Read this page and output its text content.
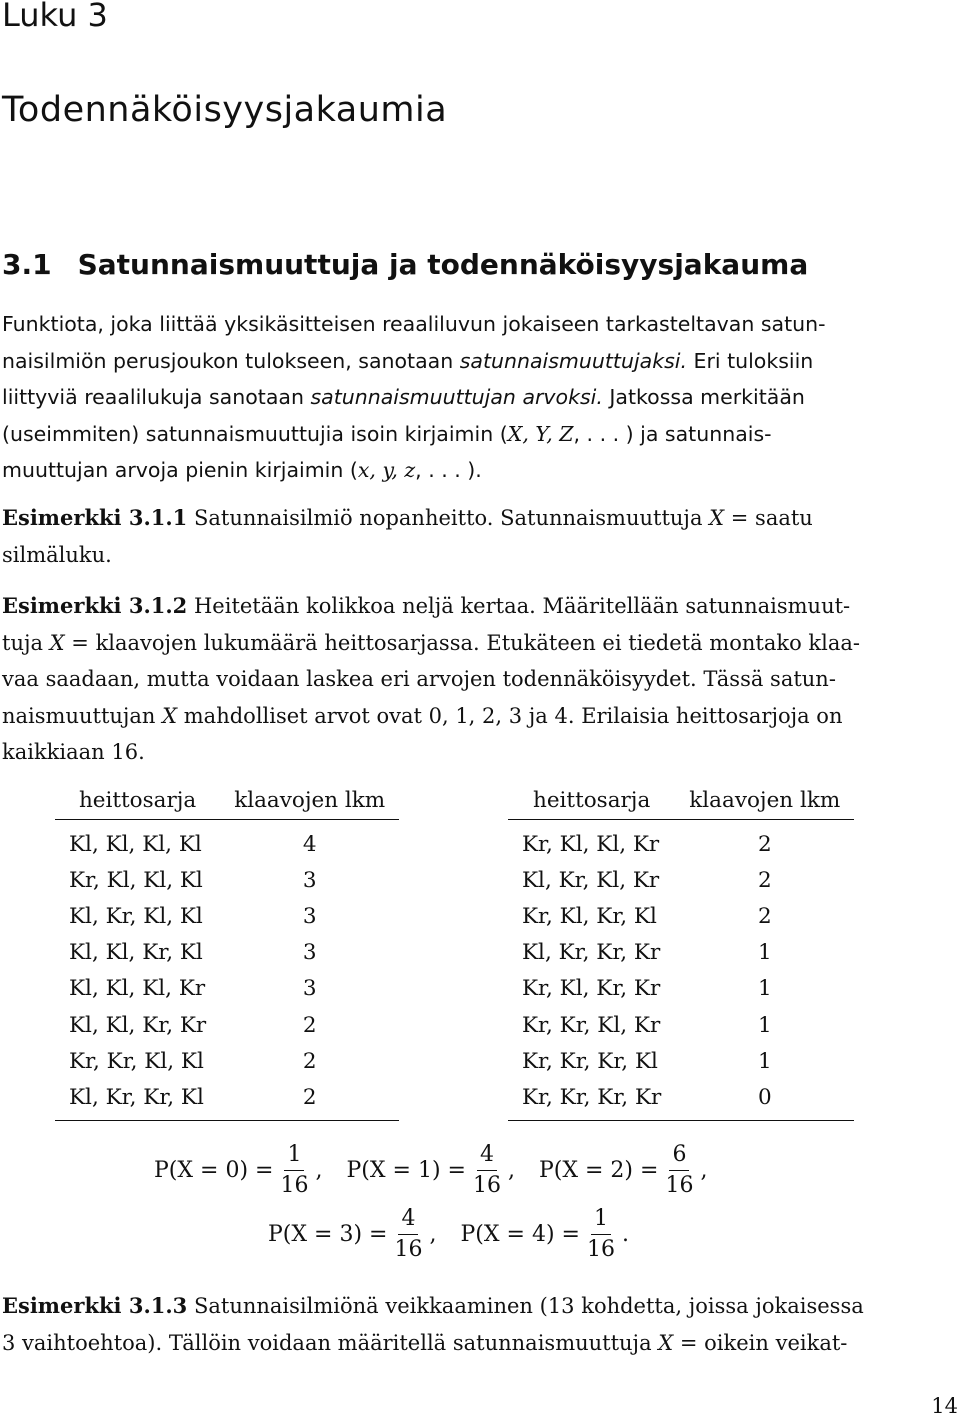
Luku 3
Todennäköisyysjakaumia
3.1 Satunnaismuuttuja ja todennäköisyysjakauma
Funktiota, joka liittää yksikäsitteisen reaaliluvun jokaiseen tarkasteltavan satun-
naisilmiön perusjoukon tulokseen, sanotaan satunnaismuuttujaksi. Eri tuloksiin
liittyviä reaalilukuja sanotaan satunnaismuuttujan arvoksi. Jatkossa merkitään
(useimmiten) satunnaismuuttujia isoin kirjaimin (X, Y, Z, . . . ) ja satunnais-
muuttujan arvoja pienin kirjaimin (x, y, z, . . . ).
Esimerkki 3.1.1 Satunnaisilmiö nopanheitto. Satunnaismuuttuja X = saatu
silmäluku.
Esimerkki 3.1.2 Heitetään kolikkoa neljä kertaa. Määritellään satunnaismuut-
tuja X = klaavojen lukumäärä heittosarjassa. Etukäteen ei tiedetä montako klaa-
vaa saadaan, mutta voidaan laskea eri arvojen todennäköisyydet. Tässä satun-
naismuuttujan X mahdolliset arvot ovat 0, 1, 2, 3 ja 4. Erilaisia heittosarjoja on
kaikkiaan 16.
heittosarja	klaavojen lkm
Kl, Kl, Kl, Kl	4
Kr, Kl, Kl, Kl	3
Kl, Kr, Kl, Kl	3
Kl, Kl, Kr, Kl	3
Kl, Kl, Kl, Kr	3
Kl, Kl, Kr, Kr	2
Kr, Kr, Kl, Kl	2
Kl, Kr, Kr, Kl	2
heittosarja	klaavojen lkm
Kr, Kl, Kl, Kr	2
Kl, Kr, Kl, Kr	2
Kr, Kl, Kr, Kl	2
Kl, Kr, Kr, Kr	1
Kr, Kl, Kr, Kr	1
Kr, Kr, Kl, Kr	1
Kr, Kr, Kr, Kl	1
Kr, Kr, Kr, Kr	0
$P(X = 0) = \frac{1}{16}$ , $P(X = 1) = \frac{4}{16}$ , $P(X = 2) = \frac{6}{16}$ ,
$P(X = 3) = \frac{4}{16}$ , $P(X = 4) = \frac{1}{16}$ .
Esimerkki 3.1.3 Satunnaisilmiönä veikkaaminen (13 kohdetta, joissa jokaisessa
3 vaihtoehtoa). Tällöin voidaan määritellä satunnaismuuttuja X = oikein veikat-
14
